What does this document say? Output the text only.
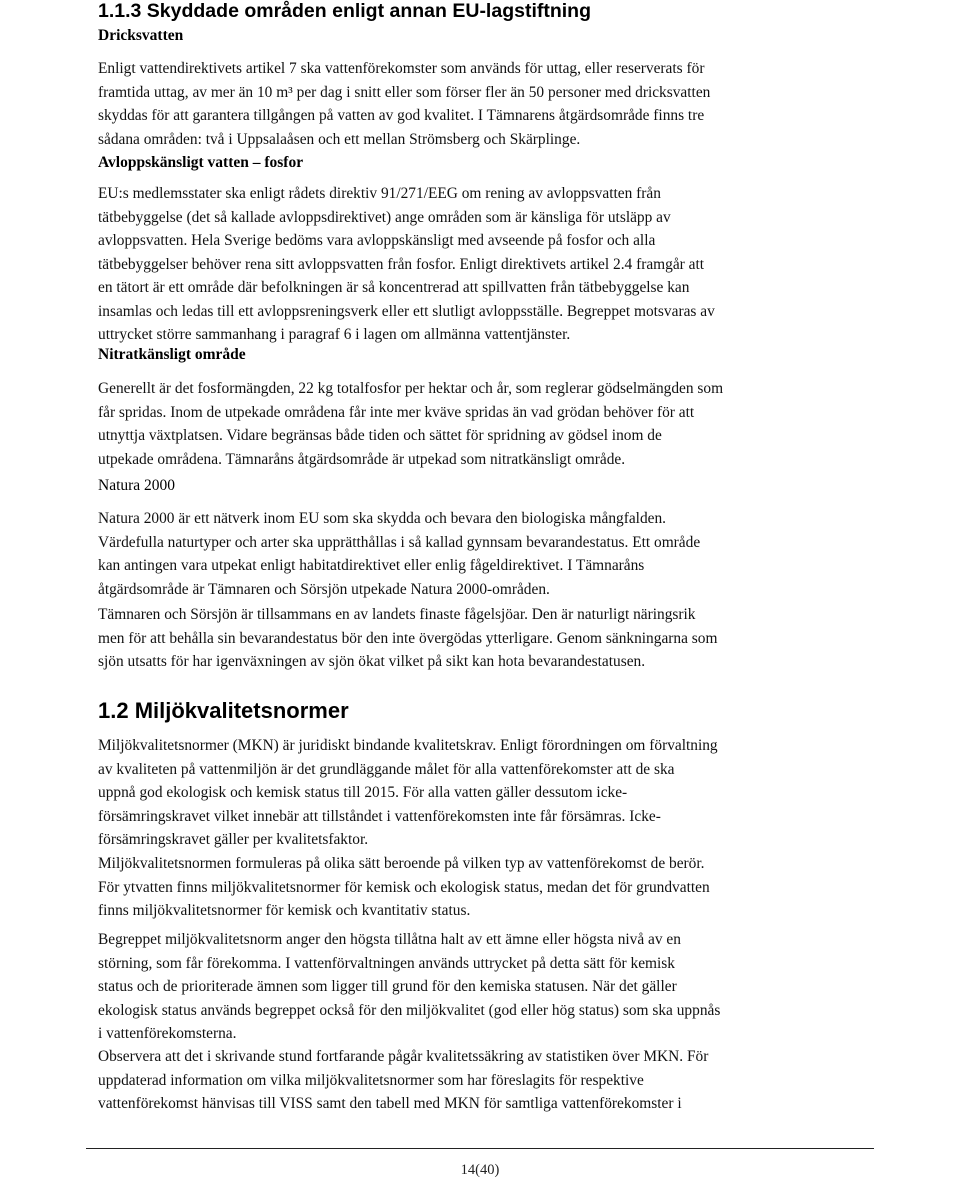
1.1.3 Skyddade områden enligt annan EU-lagstiftning
Dricksvatten
Enligt vattendirektivets artikel 7 ska vattenförekomster som används för uttag, eller reserverats för
framtida uttag, av mer än 10 m³ per dag i snitt eller som förser fler än 50 personer med dricksvatten
skyddas för att garantera tillgången på vatten av god kvalitet. I Tämnarens åtgärdsområde finns tre
sådana områden: två i Uppsalaåsen och ett mellan Strömsberg och Skärplinge.
Avloppskänsligt vatten – fosfor
EU:s medlemsstater ska enligt rådets direktiv 91/271/EEG om rening av avloppsvatten från
tätbebyggelse (det så kallade avloppsdirektivet) ange områden som är känsliga för utsläpp av
avloppsvatten. Hela Sverige bedöms vara avloppskänsligt med avseende på fosfor och alla
tätbebyggelser behöver rena sitt avloppsvatten från fosfor. Enligt direktivets artikel 2.4 framgår att
en tätort är ett område där befolkningen är så koncentrerad att spillvatten från tätbebyggelse kan
insamlas och ledas till ett avloppsreningsverk eller ett slutligt avloppsställe. Begreppet motsvaras av
uttrycket större sammanhang i paragraf 6 i lagen om allmänna vattentjänster.
Nitratkänsligt område
Generellt är det fosformängden, 22 kg totalfosfor per hektar och år, som reglerar gödselmängden som
får spridas. Inom de utpekade områdena får inte mer kväve spridas än vad grödan behöver för att
utnyttja växtplatsen. Vidare begränsas både tiden och sättet för spridning av gödsel inom de
utpekade områdena. Tämnaråns åtgärdsområde är utpekad som nitratkänsligt område.
Natura 2000
Natura 2000 är ett nätverk inom EU som ska skydda och bevara den biologiska mångfalden.
Värdefulla naturtyper och arter ska upprätthållas i så kallad gynnsam bevarandestatus. Ett område
kan antingen vara utpekat enligt habitatdirektivet eller enlig fågeldirektivet. I Tämnaråns
åtgärdsområde är Tämnaren och Sörsjön utpekade Natura 2000-områden.
Tämnaren och Sörsjön är tillsammans en av landets finaste fågelsjöar. Den är naturligt näringsrik
men för att behålla sin bevarandestatus bör den inte övergödas ytterligare. Genom sänkningarna som
sjön utsatts för har igenväxningen av sjön ökat vilket på sikt kan hota bevarandestatusen.
1.2 Miljökvalitetsnormer
Miljökvalitetsnormer (MKN) är juridiskt bindande kvalitetskrav. Enligt förordningen om förvaltning
av kvaliteten på vattenmiljön är det grundläggande målet för alla vattenförekomster att de ska
uppnå god ekologisk och kemisk status till 2015. För alla vatten gäller dessutom icke-
försämringskravet vilket innebär att tillståndet i vattenförekomsten inte får försämras. Icke-
försämringskravet gäller per kvalitetsfaktor.
Miljökvalitetsnormen formuleras på olika sätt beroende på vilken typ av vattenförekomst de berör.
För ytvatten finns miljökvalitetsnormer för kemisk och ekologisk status, medan det för grundvatten
finns miljökvalitetsnormer för kemisk och kvantitativ status.
Begreppet miljökvalitetsnorm anger den högsta tillåtna halt av ett ämne eller högsta nivå av en
störning, som får förekomma. I vattenförvaltningen används uttrycket på detta sätt för kemisk
status och de prioriterade ämnen som ligger till grund för den kemiska statusen. När det gäller
ekologisk status används begreppet också för den miljökvalitet (god eller hög status) som ska uppnås
i vattenförekomsterna.
Observera att det i skrivande stund fortfarande pågår kvalitetssäkring av statistiken över MKN. För
uppdaterad information om vilka miljökvalitetsnormer som har föreslagits för respektive
vattenförekomst hänvisas till VISS samt den tabell med MKN för samtliga vattenförekomster i
14(40)
